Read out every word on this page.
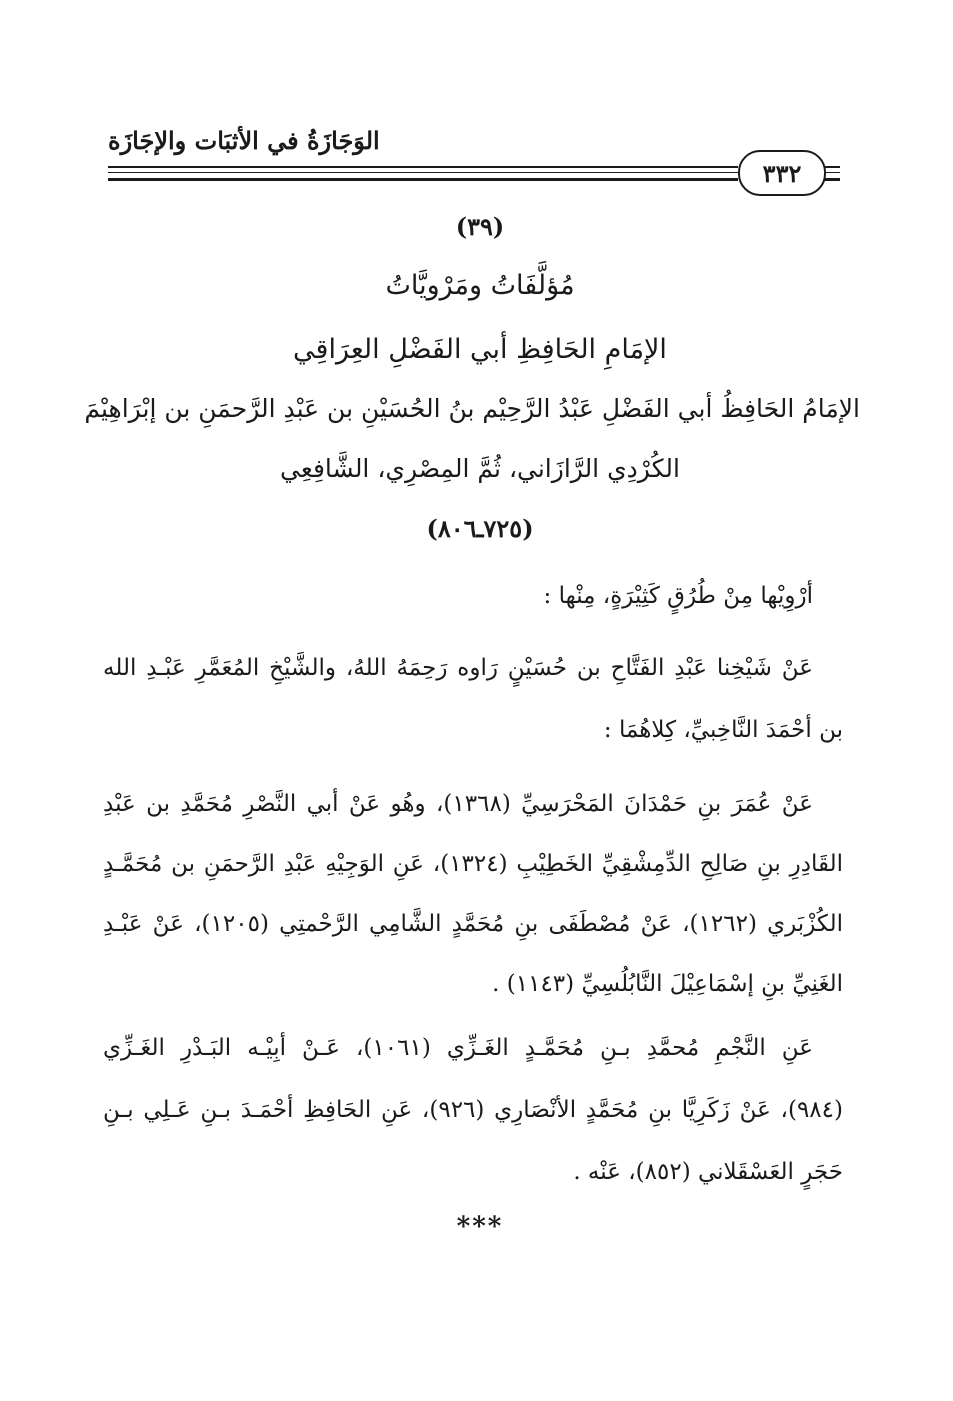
الوَجَازَةُ في الأثبَات والإجَازَة
٣٣٢
(٣٩)
مُؤلَّفَاتُ ومَرْويَّاتُ
الإمَامِ الحَافِظِ أبي الفَضْلِ العِرَاقِي
الإمَامُ الحَافِظُ أبي الفَضْلِ عَبْدُ الرَّحِيْم بنُ الحُسَيْنِ بن عَبْدِ الرَّحمَنِ بن إبْرَاهِيْمَ
الكُرْدِي الرَّازَاني، ثُمَّ المِصْرِي، الشَّافِعِي
(٧٢٥ـ٨٠٦)
أرْوِيْها مِنْ طُرُقٍ كَثِيْرَةٍ، مِنْها :
عَنْ شَيْخِنا عَبْدِ الفَتَّاحِ بن حُسَيْنٍ رَاوه رَحِمَهُ اللهُ، والشَّيْخِ المُعَمَّرِ عَبْـدِ الله
بن أحْمَدَ النَّاخِبيِّ، كِلاهُمَا :
عَنْ عُمَرَ بنِ حَمْدَانَ المَحْرَسِيِّ (١٣٦٨)، وهُو عَنْ أبي النَّصْرِ مُحَمَّدِ بن عَبْدِ
القَادِرِ بنِ صَالِحِ الدِّمِشْقِيِّ الخَطِيْبِ (١٣٢٤)، عَنِ الوَجِيْهِ عَبْدِ الرَّحمَنِ بن مُحَمَّـدٍ
الكُزْبَري (١٢٦٢)، عَنْ مُصْطَفَى بنِ مُحَمَّدٍ الشَّامِي الرَّحْمتِي (١٢٠٥)، عَنْ عَبْـدِ
الغَنِيِّ بنِ إسْمَاعِيْلَ النَّابُلُسِيِّ (١١٤٣) .
عَنِ النَّجْمِ مُحمَّدِ بـنِ مُحَمَّـدٍ الغَـزِّي (١٠٦١)، عَـنْ أبِيْـه البَـدْرِ الغَـزِّي
(٩٨٤)، عَنْ زَكَرِيَّا بنِ مُحَمَّدٍ الأنْصَارِي (٩٢٦)، عَنِ الحَافِظِ أحْمَـدَ بـنِ عَـلِي بـنِ
حَجَرٍ العَسْقَلاني (٨٥٢)، عَنْه .
***
